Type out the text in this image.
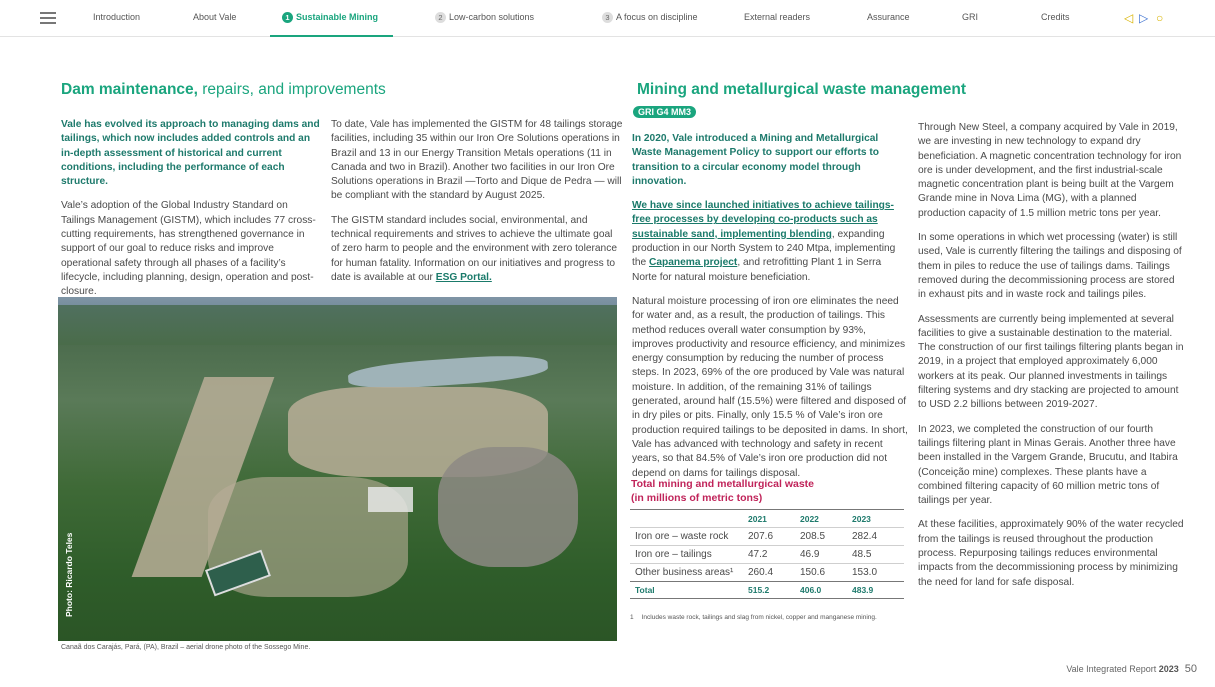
Introduction	About Vale	1 Sustainable Mining	2 Low-carbon solutions	3 A focus on discipline	External readers	Assurance	GRI	Credits	◁ ▷ ○
Dam maintenance, repairs, and improvements

Vale has evolved its approach to managing dams and tailings, which now includes added controls and an in-depth assessment of historical and current conditions, including the performance of each structure.

Vale’s adoption of the Global Industry Standard on Tailings Management (GISTM), which includes 77 cross-cutting requirements, has strengthened governance in support of our goal to reduce risks and improve operational safety through all phases of a facility’s lifecycle, including planning, design, operation and post-closure.

To date, Vale has implemented the GISTM for 48 tailings storage facilities, including 35 within our Iron Ore Solutions operations in Brazil and 13 in our Energy Transition Metals operations (11 in Canada and two in Brazil). Another two facilities in our Iron Ore Solutions operations in Brazil —Torto and Dique de Pedra — will be compliant with the standard by August 2025.

The GISTM standard includes social, environmental, and technical requirements and strives to achieve the ultimate goal of zero harm to people and the environment with zero tolerance for human fatality. Information on our initiatives and progress to date is available at our ESG Portal.

Photo: Ricardo Teles
Canaã dos Carajás, Pará, (PA), Brazil – aerial drone photo of the Sossego Mine.
Mining and metallurgical waste management
GRI G4 MM3

In 2020, Vale introduced a Mining and Metallurgical Waste Management Policy to support our efforts to transition to a circular economy model through innovation.

We have since launched initiatives to achieve tailings-free processes by developing co-products such as sustainable sand, implementing blending, expanding production in our North System to 240 Mtpa, implementing the Capanema project, and retrofitting Plant 1 in Serra Norte for natural moisture beneficiation.

Natural moisture processing of iron ore eliminates the need for water and, as a result, the production of tailings. This method reduces overall water consumption by 93%, improves productivity and resource efficiency, and minimizes energy consumption by reducing the number of process steps. In 2023, 69% of the ore produced by Vale was natural moisture. In addition, of the remaining 31% of tailings generated, around half (15.5%) were filtered and disposed of in dry piles or pits. Finally, only 15.5 % of Vale’s iron ore production required tailings to be deposited in dams. In short, Vale has advanced with technology and safety in recent years, so that 84.5% of Vale’s iron ore production did not depend on dams for tailings disposal.

Total mining and metallurgical waste
(in millions of metric tons)
	2021	2022	2023
Iron ore – waste rock	207.6	208.5	282.4
Iron ore – tailings	47.2	46.9	48.5
Other business areas¹	260.4	150.6	153.0
Total	515.2	406.0	483.9
1 Includes waste rock, tailings and slag from nickel, copper and manganese mining.

Through New Steel, a company acquired by Vale in 2019, we are investing in new technology to expand dry beneficiation. A magnetic concentration technology for iron ore is under development, and the first industrial-scale magnetic concentration plant is being built at the Vargem Grande mine in Nova Lima (MG), with a planned production capacity of 1.5 million metric tons per year.

In some operations in which wet processing (water) is still used, Vale is currently filtering the tailings and disposing of them in piles to reduce the use of tailings dams. Tailings removed during the decommissioning process are stored in exhaust pits and in waste rock and tailings piles.

Assessments are currently being implemented at several facilities to give a sustainable destination to the material. The construction of our first tailings filtering plants began in 2019, in a project that employed approximately 6,000 workers at its peak. Our planned investments in tailings filtering systems and dry stacking are projected to amount to USD 2.2 billions between 2019-2027.

In 2023, we completed the construction of our fourth tailings filtering plant in Minas Gerais. Another three have been installed in the Vargem Grande, Brucutu, and Itabira (Conceição mine) complexes. These plants have a combined filtering capacity of 60 million metric tons of tailings per year.

At these facilities, approximately 90% of the water recycled from the tailings is reused throughout the production process. Repurposing tailings reduces environmental impacts from the decommissioning process by minimizing the need for land for safe disposal.

Vale Integrated Report 2023 50
